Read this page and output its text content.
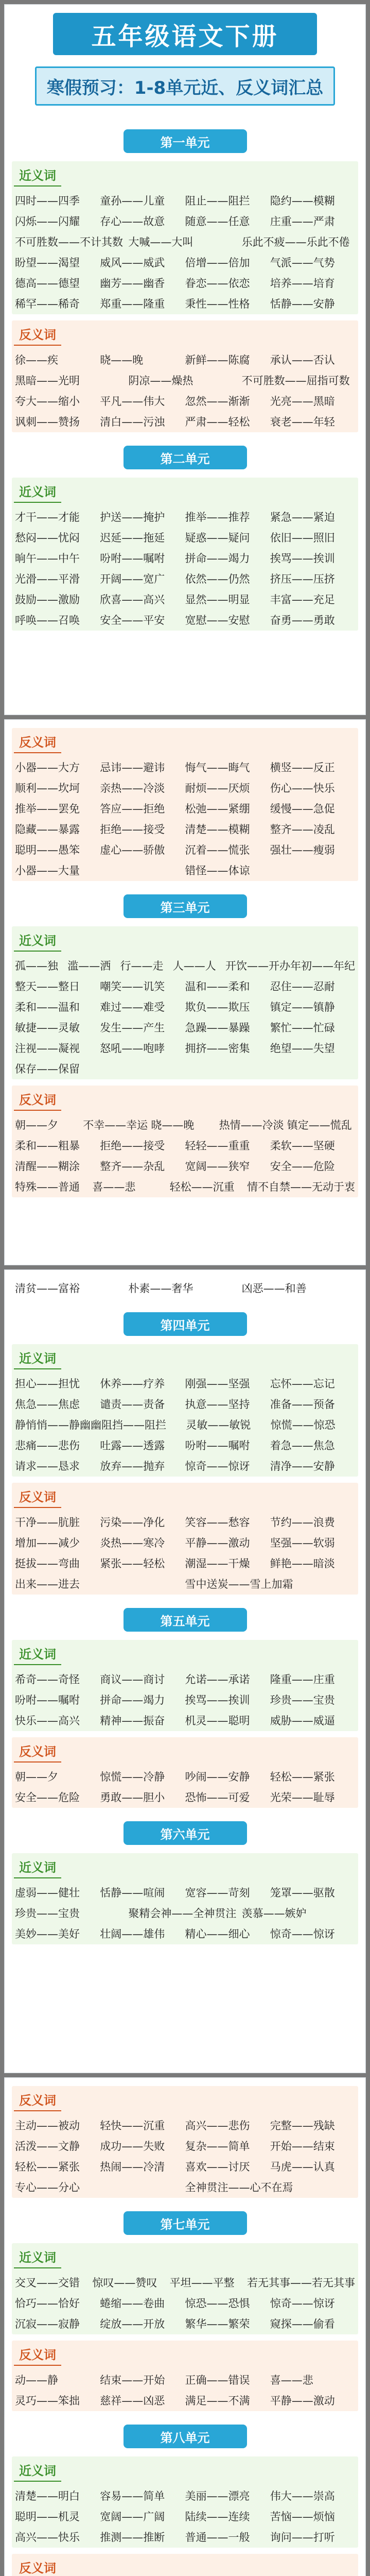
五年级语文下册
寒假预习：1-8单元近、反义词汇总
第一单元
近义词
四时——四季	童孙——儿童	阻止——阻拦	隐约——模糊
闪烁——闪耀	存心——故意	随意——任意	庄重——严肃
不可胜数——不计其数 大喊——大叫	乐此不疲——乐此不倦
盼望——渴望	威风——威武	倍增——倍加	气派——气势
德高——德望	幽芳——幽香	眷恋——依恋	培养——培育
稀罕——稀奇	郑重——隆重	秉性——性格	恬静——安静
反义词
徐——疾	晓——晚	新鲜——陈腐	承认——否认
黑暗——光明	阴凉——燥热	不可胜数——屈指可数
夸大——缩小	平凡——伟大	忽然——渐渐	光亮——黑暗
讽刺——赞扬	清白——污浊	严肃——轻松	衰老——年轻
第二单元
近义词
才干——才能	护送——掩护	推举——推荐	紧急——紧迫
愁闷——忧闷	迟延——拖延	疑惑——疑问	依旧——照旧
晌午——中午	吩咐——嘱咐	拼命——竭力	挨骂——挨训
光滑——平滑	开阔——宽广	依然——仍然	挤压——压挤
鼓励——激励	欣喜——高兴	显然——明显	丰富——充足
呼唤——召唤	安全——平安	宽慰——安慰	奋勇——勇敢
反义词
小器——大方	忌讳——避讳	悔气——晦气	横竖——反正
顺利——坎坷	亲热——冷淡	耐烦——厌烦	伤心——快乐
推举——罢免	答应——拒绝	松弛——紧绷	缓慢——急促
隐藏——暴露	拒绝——接受	清楚——模糊	整齐——凌乱
聪明——愚笨	虚心——骄傲	沉着——慌张	强壮——瘦弱
小器——大量	错怪——体谅
第三单元
近义词
孤——独 滥——洒 行——走 人——人 开饮——开办 年初——年纪
整天——整日	嘲笑——讥笑	温和——柔和	忍住——忍耐
柔和——温和	难过——难受	欺负——欺压	镇定——镇静
敏捷——灵敏	发生——产生	急躁——暴躁	繁忙——忙碌
注视——凝视	怒吼——咆哮	拥挤——密集	绝望——失望
保存——保留
反义词
朝——夕	不幸——幸运 晓——晚	热情——冷淡 镇定——慌乱
柔和——粗暴	拒绝——接受	轻轻——重重	柔软——坚硬
清醒——糊涂	整齐——杂乱	宽阔——狭窄	安全——危险
特殊——普通	喜——悲	轻松——沉重	情不自禁——无动于衷
清贫——富裕	朴素——奢华	凶恶——和善
第四单元
近义词
担心——担忧	休养——疗养	刚强——坚强	忘怀——忘记
焦急——焦虑	谴责——责备	执意——坚持	准备——预备
静悄悄——静幽幽 阻挡——阻拦	灵敏——敏锐	惊慌——惊恐
悲痛——悲伤	吐露——透露	吩咐——嘱咐	着急——焦急
请求——恳求	放弃——抛弃	惊奇——惊讶	清净——安静
反义词
干净——肮脏	污染——净化	笑容——愁容	节约——浪费
增加——减少	炎热——寒冷	平静——激动	坚强——软弱
挺拔——弯曲	紧张——轻松	潮湿——干燥	鲜艳——暗淡
出来——进去	雪中送炭——雪上加霜
第五单元
近义词
希奇——奇怪	商议——商讨	允诺——承诺	隆重——庄重
吩咐——嘱咐	拼命——竭力	挨骂——挨训	珍贵——宝贵
快乐——高兴	精神——振奋	机灵——聪明	威胁——威逼
反义词
朝——夕	惊慌——冷静	吵闹——安静	轻松——紧张
安全——危险	勇敢——胆小	恐怖——可爱	光荣——耻辱
第六单元
近义词
虚弱——健壮	恬静——喧闹	宽容——苛刻	笼罩——驱散
珍贵——宝贵	聚精会神——全神贯注 羡慕——嫉妒
美妙——美好	壮阔——雄伟	精心——细心	惊奇——惊讶
反义词
主动——被动	轻快——沉重	高兴——悲伤	完整——残缺
活泼——文静	成功——失败	复杂——简单	开始——结束
轻松——紧张	热闹——冷清	喜欢——讨厌	马虎——认真
专心——分心	全神贯注——心不在焉
第七单元
近义词
交叉——交错	惊叹——赞叹	平坦——平整	若无其事——若无其事
恰巧——恰好	蜷缩——卷曲	惊恐——恐惧	惊奇——惊讶
沉寂——寂静	绽放——开放	繁华——繁荣	窥探——偷看
反义词
动——静	结束——开始	正确——错误	喜——悲
灵巧——笨拙	慈祥——凶恶	满足——不满	平静——激动
第八单元
近义词
清楚——明白	容易——简单	美丽——漂亮	伟大——崇高
聪明——机灵	宽阔——广阔	陆续——连续	苦恼——烦恼
高兴——快乐	推测——推断	普通——一般	询问——打听
反义词
